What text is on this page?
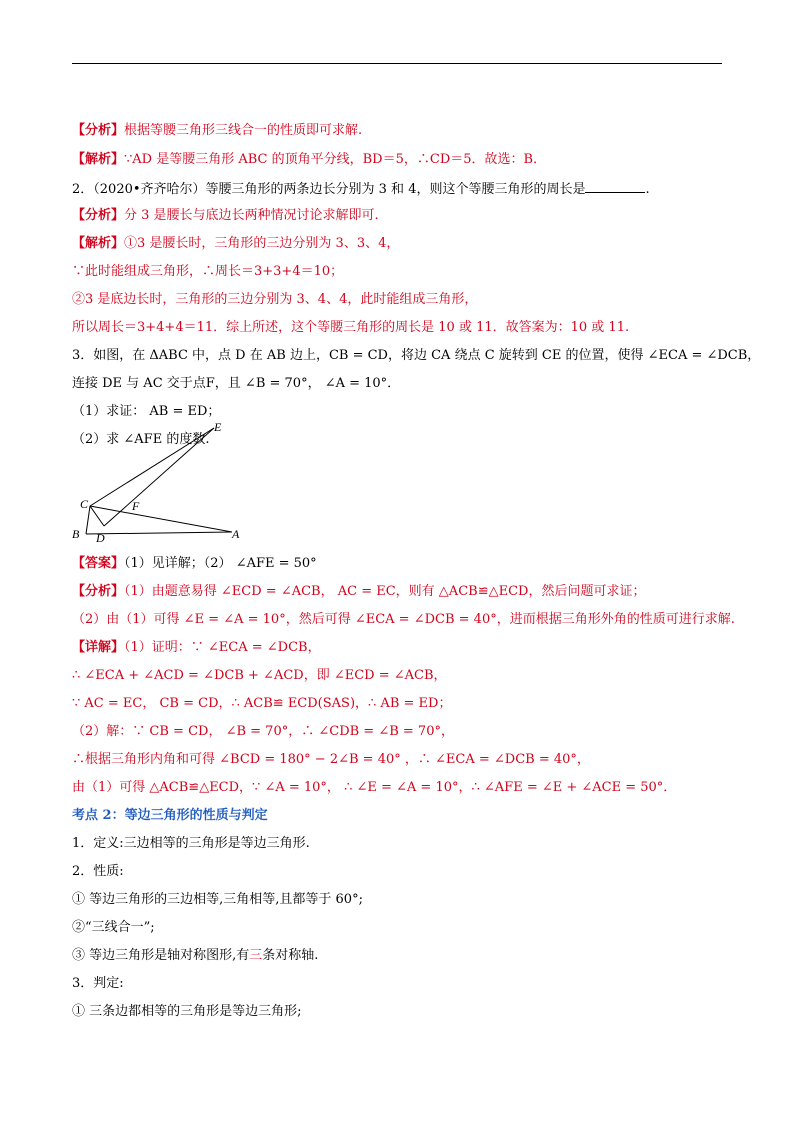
【分析】根据等腰三角形三线合一的性质即可求解.
【解析】∵AD 是等腰三角形 ABC 的顶角平分线，BD＝5，∴CD＝5．故选：B．
2．（2020•齐齐哈尔）等腰三角形的两条边长分别为 3 和 4，则这个等腰三角形的周长是	.
【分析】分 3 是腰长与底边长两种情况讨论求解即可.
【解析】①3 是腰长时，三角形的三边分别为 3、3、4，
∵此时能组成三角形，∴周长＝3+3+4＝10；
②3 是底边长时，三角形的三边分别为 3、4、4，此时能组成三角形，
所以周长＝3+4+4＝11．综上所述，这个等腰三角形的周长是 10 或 11．故答案为：10 或 11.
3．如图，在 ΔABC 中，点 D 在 AB 边上，CB = CD，将边 CA 绕点 C 旋转到 CE 的位置，使得 ∠ECA = ∠DCB，
连接 DE 与 AC 交于点F，且 ∠B = 70°， ∠A = 10°．
（1）求证： AB = ED；
（2）求 ∠AFE 的度数.
E
C	F
B D	A
【答案】（1）见详解；（2） ∠AFE = 50°
【分析】（1）由题意易得 ∠ECD = ∠ACB， AC = EC，则有 △ACB≌△ECD，然后问题可求证；
（2）由（1）可得 ∠E = ∠A = 10°，然后可得 ∠ECA = ∠DCB = 40°，进而根据三角形外角的性质可进行求解.
【详解】（1）证明：∵ ∠ECA = ∠DCB，
∴ ∠ECA + ∠ACD = ∠DCB + ∠ACD，即 ∠ECD = ∠ACB，
∵ AC = EC， CB = CD，∴ ACB≌ ECD(SAS)，∴ AB = ED；
（2）解：∵ CB = CD， ∠B = 70°，∴ ∠CDB = ∠B = 70°，
∴根据三角形内角和可得 ∠BCD = 180° − 2∠B = 40° ，∴ ∠ECA = ∠DCB = 40°，
由（1）可得 △ACB≌△ECD，∵ ∠A = 10°， ∴ ∠E = ∠A = 10°，∴ ∠AFE = ∠E + ∠ACE = 50°．
考点 2：等边三角形的性质与判定
1．定义:三边相等的三角形是等边三角形.
2．性质:
① 等边三角形的三边相等,三角相等,且都等于 60°;
②“三线合一”;
③ 等边三角形是轴对称图形,有三条对称轴.
3．判定:
① 三条边都相等的三角形是等边三角形;
